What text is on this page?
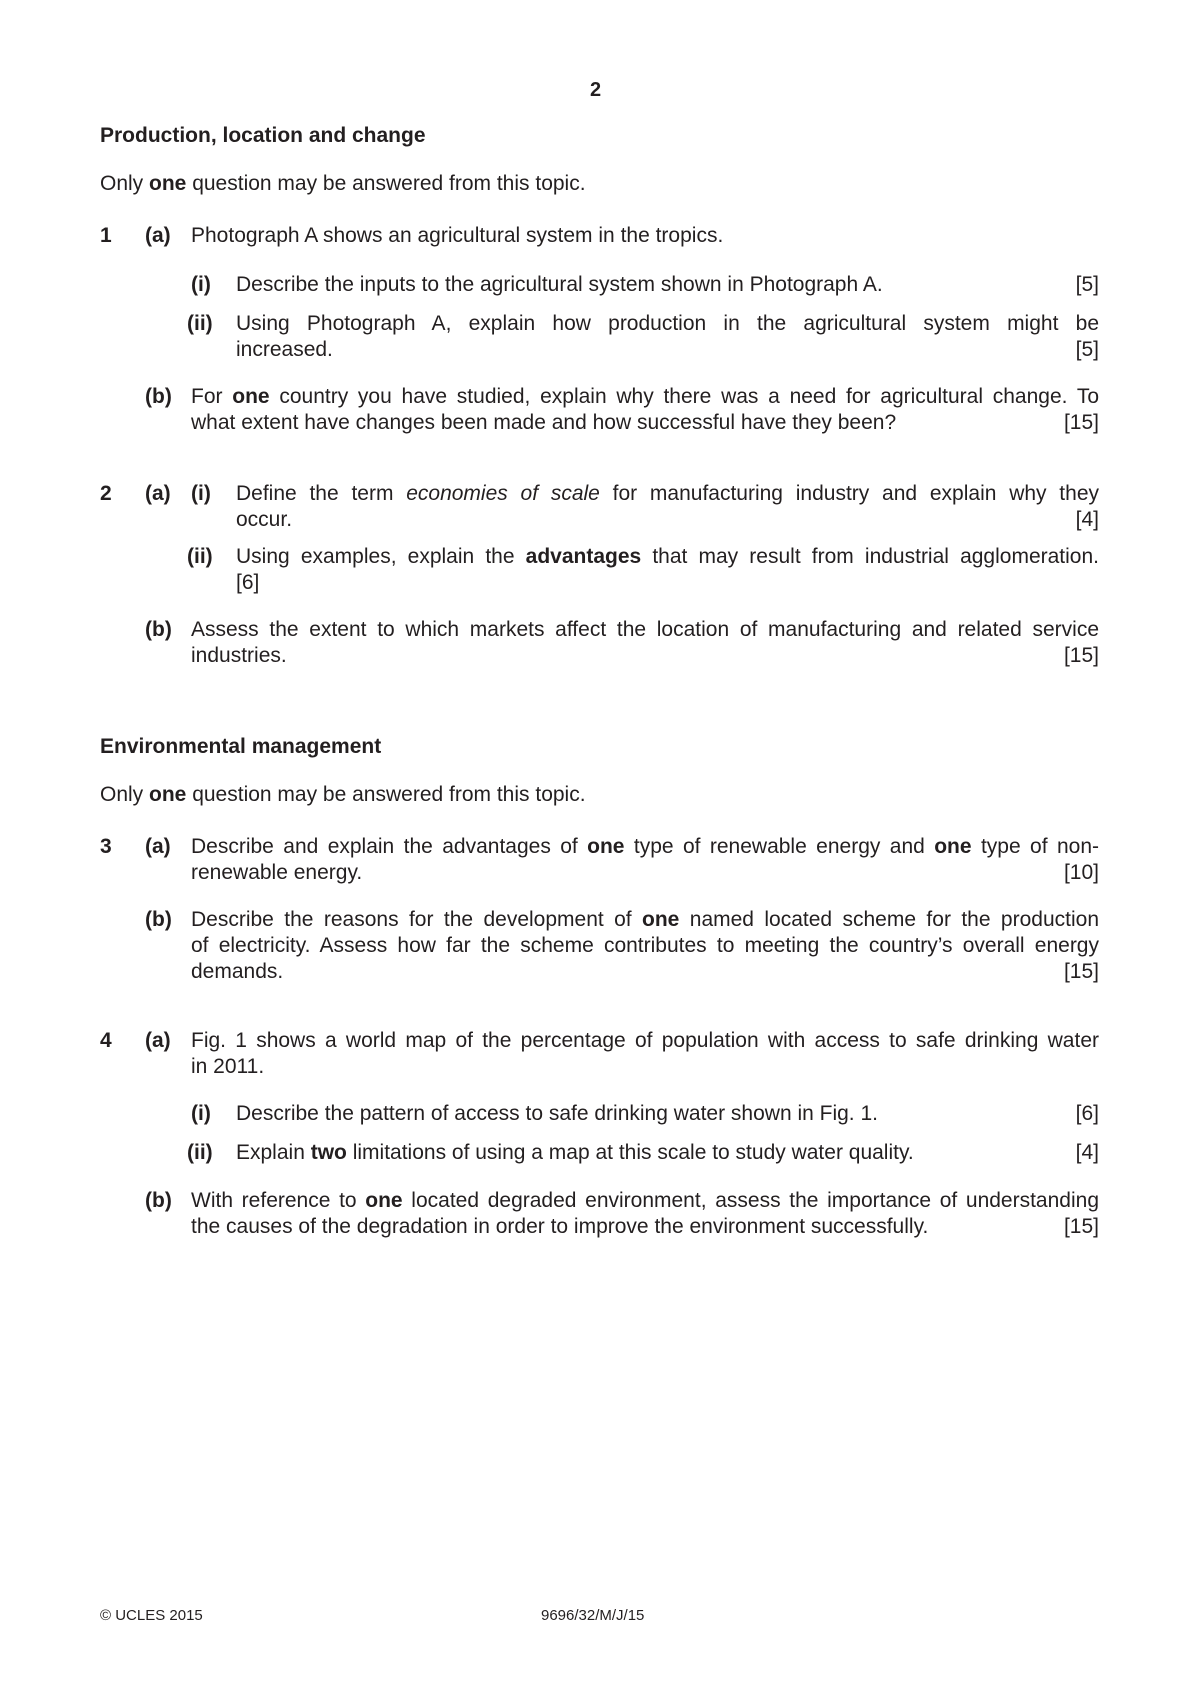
2
Production, location and change
Only one question may be answered from this topic.
1 (a) Photograph A shows an agricultural system in the tropics.
(i) Describe the inputs to the agricultural system shown in Photograph A.	[5]
(ii) Using Photograph A, explain how production in the agricultural system might be
increased.	[5]
(b) For one country you have studied, explain why there was a need for agricultural change. To
what extent have changes been made and how successful have they been?	[15]
2 (a) (i) Define the term economies of scale for manufacturing industry and explain why they
occur.	[4]
(ii) Using examples, explain the advantages that may result from industrial agglomeration.
[6]
(b) Assess the extent to which markets affect the location of manufacturing and related service
industries.	[15]
Environmental management
Only one question may be answered from this topic.
3 (a) Describe and explain the advantages of one type of renewable energy and one type of non-
renewable energy.	[10]
(b) Describe the reasons for the development of one named located scheme for the production
of electricity. Assess how far the scheme contributes to meeting the country’s overall energy
demands.	[15]
4 (a) Fig. 1 shows a world map of the percentage of population with access to safe drinking water
in 2011.
(i) Describe the pattern of access to safe drinking water shown in Fig. 1.	[6]
(ii) Explain two limitations of using a map at this scale to study water quality.	[4]
(b) With reference to one located degraded environment, assess the importance of understanding
the causes of the degradation in order to improve the environment successfully.	[15]
© UCLES 2015	9696/32/M/J/15
